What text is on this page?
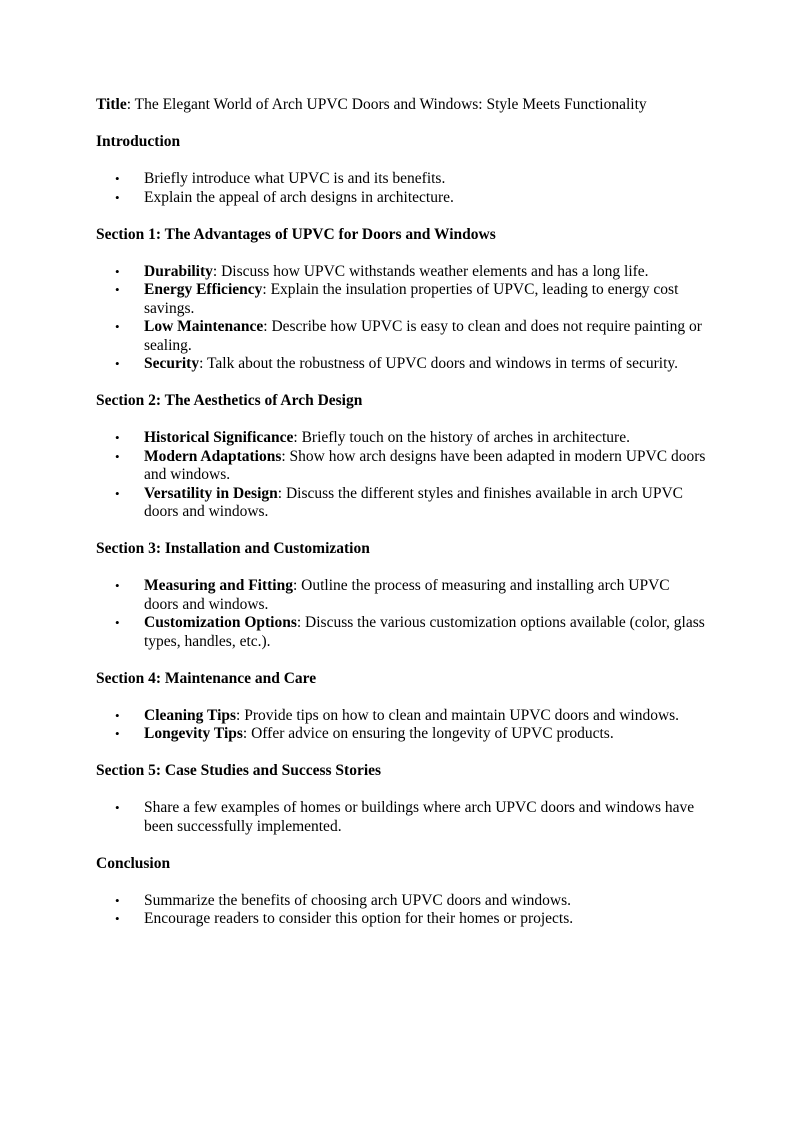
Title: The Elegant World of Arch UPVC Doors and Windows: Style Meets Functionality

Introduction
• Briefly introduce what UPVC is and its benefits.
• Explain the appeal of arch designs in architecture.
Section 1: The Advantages of UPVC for Doors and Windows
• Durability: Discuss how UPVC withstands weather elements and has a long life.
• Energy Efficiency: Explain the insulation properties of UPVC, leading to energy cost savings.
• Low Maintenance: Describe how UPVC is easy to clean and does not require painting or sealing.
• Security: Talk about the robustness of UPVC doors and windows in terms of security.
Section 2: The Aesthetics of Arch Design
• Historical Significance: Briefly touch on the history of arches in architecture.
• Modern Adaptations: Show how arch designs have been adapted in modern UPVC doors and windows.
• Versatility in Design: Discuss the different styles and finishes available in arch UPVC doors and windows.
Section 3: Installation and Customization
• Measuring and Fitting: Outline the process of measuring and installing arch UPVC doors and windows.
• Customization Options: Discuss the various customization options available (color, glass types, handles, etc.).
Section 4: Maintenance and Care
• Cleaning Tips: Provide tips on how to clean and maintain UPVC doors and windows.
• Longevity Tips: Offer advice on ensuring the longevity of UPVC products.
Section 5: Case Studies and Success Stories
• Share a few examples of homes or buildings where arch UPVC doors and windows have been successfully implemented.
Conclusion
• Summarize the benefits of choosing arch UPVC doors and windows.
• Encourage readers to consider this option for their homes or projects.
